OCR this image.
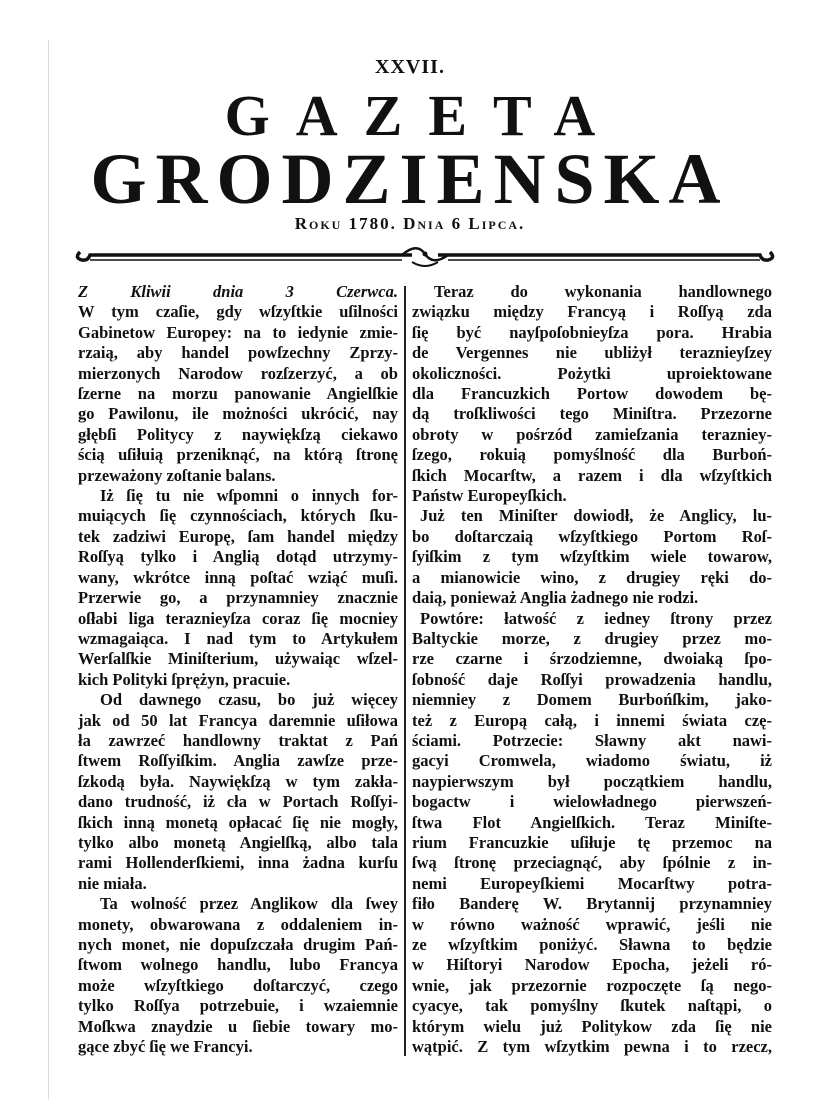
XXVII.
GAZETA
GRODZIENSKA
Roku 1780. Dnia 6 Lipca.
Z Kliwii dnia 3 Czerwca.
W tym czaſie, gdy wſzyſtkie uſilności
Gabinetow Europey: na to iedynie zmie-
rzaią, aby handel powſzechny Zprzy-
mierzonych Narodow rozſzerzyć, a ob
ſzerne na morzu panowanie Angielſkie
go Pawilonu, ile możności ukrócić, nay
głębſi Politycy z naywiękſzą ciekawo
ścią uſiłuią przeniknąć, na którą ſtronę
przeważony zoſtanie balans.
Iż ſię tu nie wſpomni o innych for-
muiących ſię czynnościach, których ſku-
tek zadziwi Europę, ſam handel między
Roſſyą tylko i Anglią dotąd utrzymy-
wany, wkrótce inną poſtać wziąć muſi.
Przerwie go, a przynamniey znacznie
oſłabi liga teraznieyſza coraz ſię mocniey
wzmagaiąca. I nad tym to Artykułem
Werſalſkie Miniſterium, używaiąc wſzel-
kich Polityki ſprężyn, pracuie.
Od dawnego czasu, bo już więcey
jak od 50 lat Francya daremnie uſiłowa
ła zawrzeć handlowny traktat z Pań
ſtwem Roſſyiſkim. Anglia zawſze prze-
ſzkodą była. Naywiękſzą w tym zakła-
dano trudność, iż cła w Portach Roſſyi-
ſkich inną monetą opłacać ſię nie mogły,
tylko albo monetą Angielſką, albo tala
rami Hollenderſkiemi, inna żadna kurſu
nie miała.
Ta wolność przez Anglikow dla ſwey
monety, obwarowana z oddaleniem in-
nych monet, nie dopuſzczała drugim Pań-
ſtwom wolnego handlu, lubo Francya
może wſzyſtkiego doſtarczyć, czego
tylko Roſſya potrzebuie, i wzaiemnie
Moſkwa znaydzie u ſiebie towary mo-
gące zbyć ſię we Francyi.
Teraz do wykonania handlownego
związku między Francyą i Roſſyą zda
ſię być nayſpoſobnieyſza pora. Hrabia
de Vergennes nie ubliżył teraznieyſzey
okoliczności. Pożytki uproiektowane
dla Francuzkich Portow dowodem bę-
dą troſkliwości tego Miniſtra. Przezorne
obroty w pośrzód zamieſzania terazniey-
ſzego, rokuią pomyślność dla Burboń-
ſkich Mocarſtw, a razem i dla wſzyſtkich
Państw Europeyſkich.
Już ten Miniſter dowiodł, że Anglicy, lu-
bo doſtarczaią wſzyſtkiego Portom Roſ-
ſyiſkim z tym wſzyſtkim wiele towarow,
a mianowicie wino, z drugiey ręki do-
daią, ponieważ Anglia żadnego nie rodzi.
Powtóre: łatwość z iedney ſtrony przez
Baltyckie morze, z drugiey przez mo-
rze czarne i śrzodziemne, dwoiaką ſpo-
ſobność daje Roſſyi prowadzenia handlu,
niemniey z Domem Burbońſkim, jako-
też z Europą całą, i innemi świata czę-
ściami. Potrzecie: Sławny akt nawi-
gacyi Cromwela, wiadomo światu, iż
naypierwszym był początkiem handlu,
bogactw i wielowładnego pierwszeń-
ſtwa Flot Angielſkich. Teraz Miniſte-
rium Francuzkie uſiłuje tę przemoc na
ſwą ſtronę przeciagnąć, aby ſpólnie z in-
nemi Europeyſkiemi Mocarſtwy potra-
fiło Banderę W. Brytannij przynamniey
w równo ważność wprawić, jeśli nie
ze wſzyſtkim poniżyć. Sławna to będzie
w Hiſtoryi Narodow Epocha, jeżeli ró-
wnie, jak przezornie rozpoczęte ſą nego-
cyacye, tak pomyślny ſkutek naſtąpi, o
którym wielu już Politykow zda ſię nie
wątpić. Z tym wſzytkim pewna i to rzecz,
